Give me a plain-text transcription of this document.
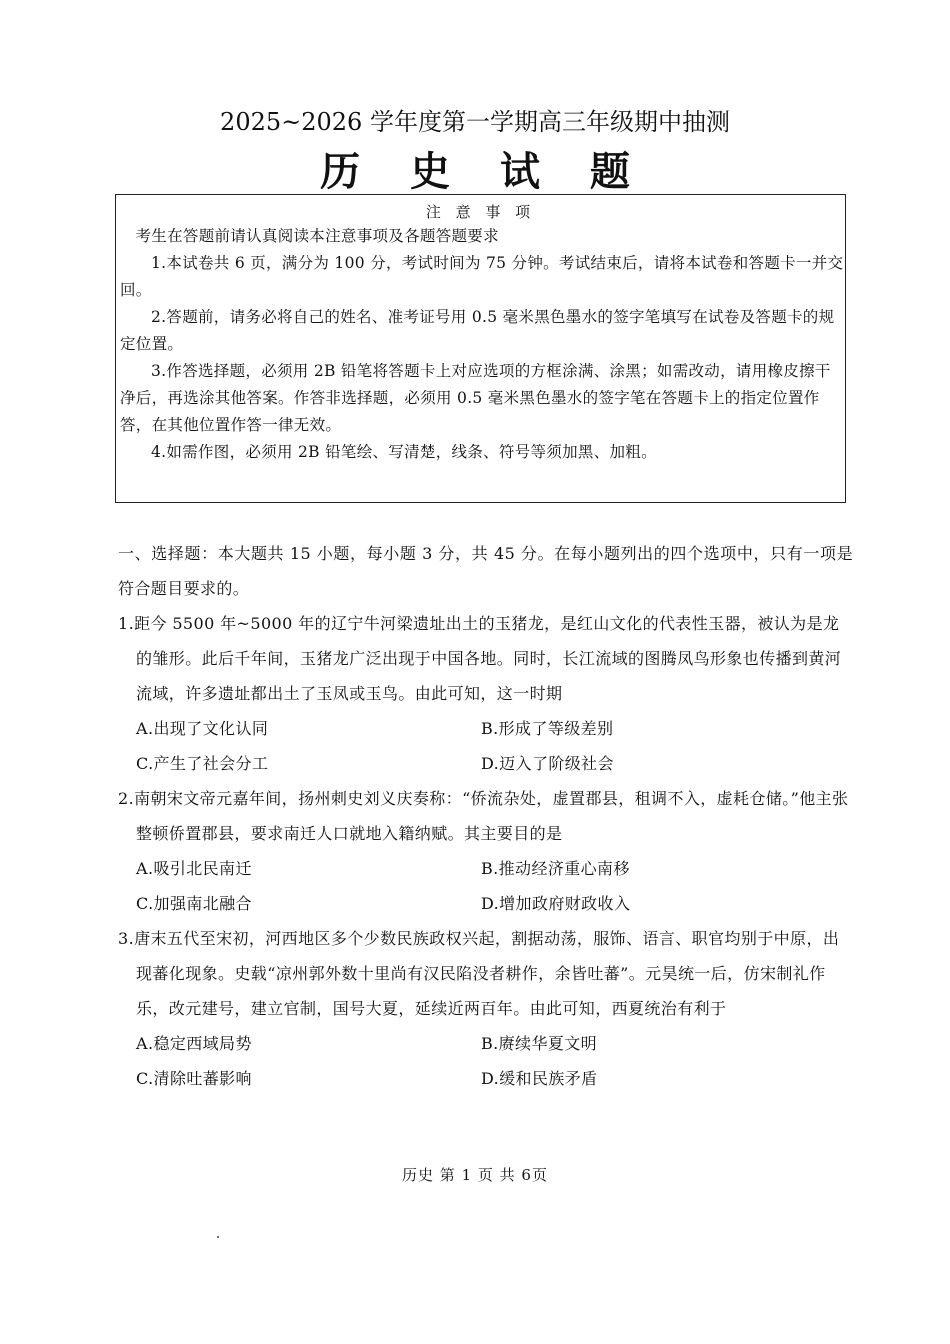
2025~2026 学年度第一学期高三年级期中抽测
历 史 试 题
注 意 事 项

考生在答题前请认真阅读本注意事项及各题答题要求

1.本试卷共 6 页，满分为 100 分，考试时间为 75 分钟。考试结束后，请将本试卷和答题卡一并交回。

2.答题前，请务必将自己的姓名、准考证号用 0.5 毫米黑色墨水的签字笔填写在试卷及答题卡的规定位置。

3.作答选择题，必须用 2B 铅笔将答题卡上对应选项的方框涂满、涂黑；如需改动，请用橡皮擦干净后，再选涂其他答案。作答非选择题，必须用 0.5 毫米黑色墨水的签字笔在答题卡上的指定位置作答，在其他位置作答一律无效。

4.如需作图，必须用 2B 铅笔绘、写清楚，线条、符号等须加黑、加粗。

一、选择题：本大题共 15 小题，每小题 3 分，共 45 分。在每小题列出的四个选项中，只有一项是符合题目要求的。

1.距今 5500 年~5000 年的辽宁牛河梁遗址出土的玉猪龙，是红山文化的代表性玉器，被认为是龙的雏形。此后千年间，玉猪龙广泛出现于中国各地。同时，长江流域的图腾凤鸟形象也传播到黄河流域，许多遗址都出土了玉凤或玉鸟。由此可知，这一时期

A.出现了文化认同	B.形成了等级差别

C.产生了社会分工	D.迈入了阶级社会

2.南朝宋文帝元嘉年间，扬州刺史刘义庆奏称：“侨流杂处，虚置郡县，租调不入，虚耗仓储。”他主张整顿侨置郡县，要求南迁人口就地入籍纳赋。其主要目的是

A.吸引北民南迁	B.推动经济重心南移

C.加强南北融合	D.增加政府财政收入

3.唐末五代至宋初，河西地区多个少数民族政权兴起，割据动荡，服饰、语言、职官均别于中原，出现蕃化现象。史载“凉州郭外数十里尚有汉民陷没者耕作，余皆吐蕃”。元昊统一后，仿宋制礼作乐，改元建号，建立官制，国号大夏，延续近两百年。由此可知，西夏统治有利于

A.稳定西域局势	B.赓续华夏文明

C.清除吐蕃影响	D.缓和民族矛盾

历史 第 1 页 共 6页
